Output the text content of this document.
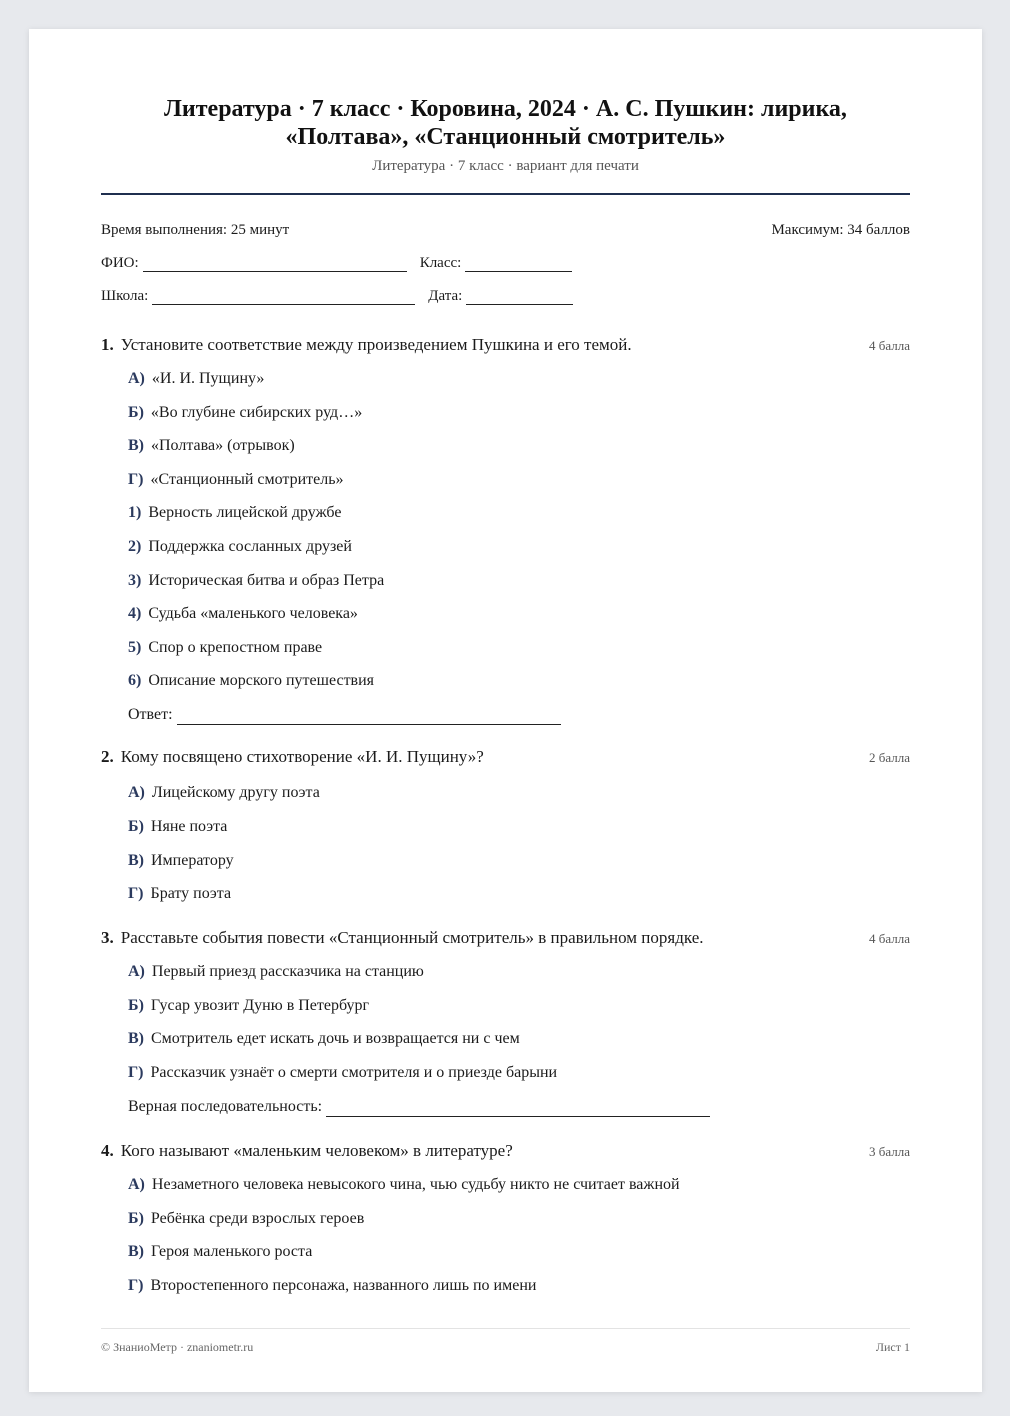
Литература · 7 класс · Коровина, 2024 · А. С. Пушкин: лирика,
«Полтава», «Станционный смотритель»
Литература · 7 класс · вариант для печати
Время выполнения: 25 минут	Максимум: 34 баллов
ФИО:	Класс:
Школа:	Дата:
1. Установите соответствие между произведением Пушкина и его темой.	4 балла
А) «И. И. Пущину»
Б) «Во глубине сибирских руд…»
В) «Полтава» (отрывок)
Г) «Станционный смотритель»
1) Верность лицейской дружбе
2) Поддержка сосланных друзей
3) Историческая битва и образ Петра
4) Судьба «маленького человека»
5) Спор о крепостном праве
6) Описание морского путешествия
Ответ:
2. Кому посвящено стихотворение «И. И. Пущину»?	2 балла
А) Лицейскому другу поэта
Б) Няне поэта
В) Императору
Г) Брату поэта
3. Расставьте события повести «Станционный смотритель» в правильном порядке.	4 балла
А) Первый приезд рассказчика на станцию
Б) Гусар увозит Дуню в Петербург
В) Смотритель едет искать дочь и возвращается ни с чем
Г) Рассказчик узнаёт о смерти смотрителя и о приезде барыни
Верная последовательность:
4. Кого называют «маленьким человеком» в литературе?	3 балла
А) Незаметного человека невысокого чина, чью судьбу никто не считает важной
Б) Ребёнка среди взрослых героев
В) Героя маленького роста
Г) Второстепенного персонажа, названного лишь по имени
© ЗнаниоМетр · znaniometr.ru	Лист 1
